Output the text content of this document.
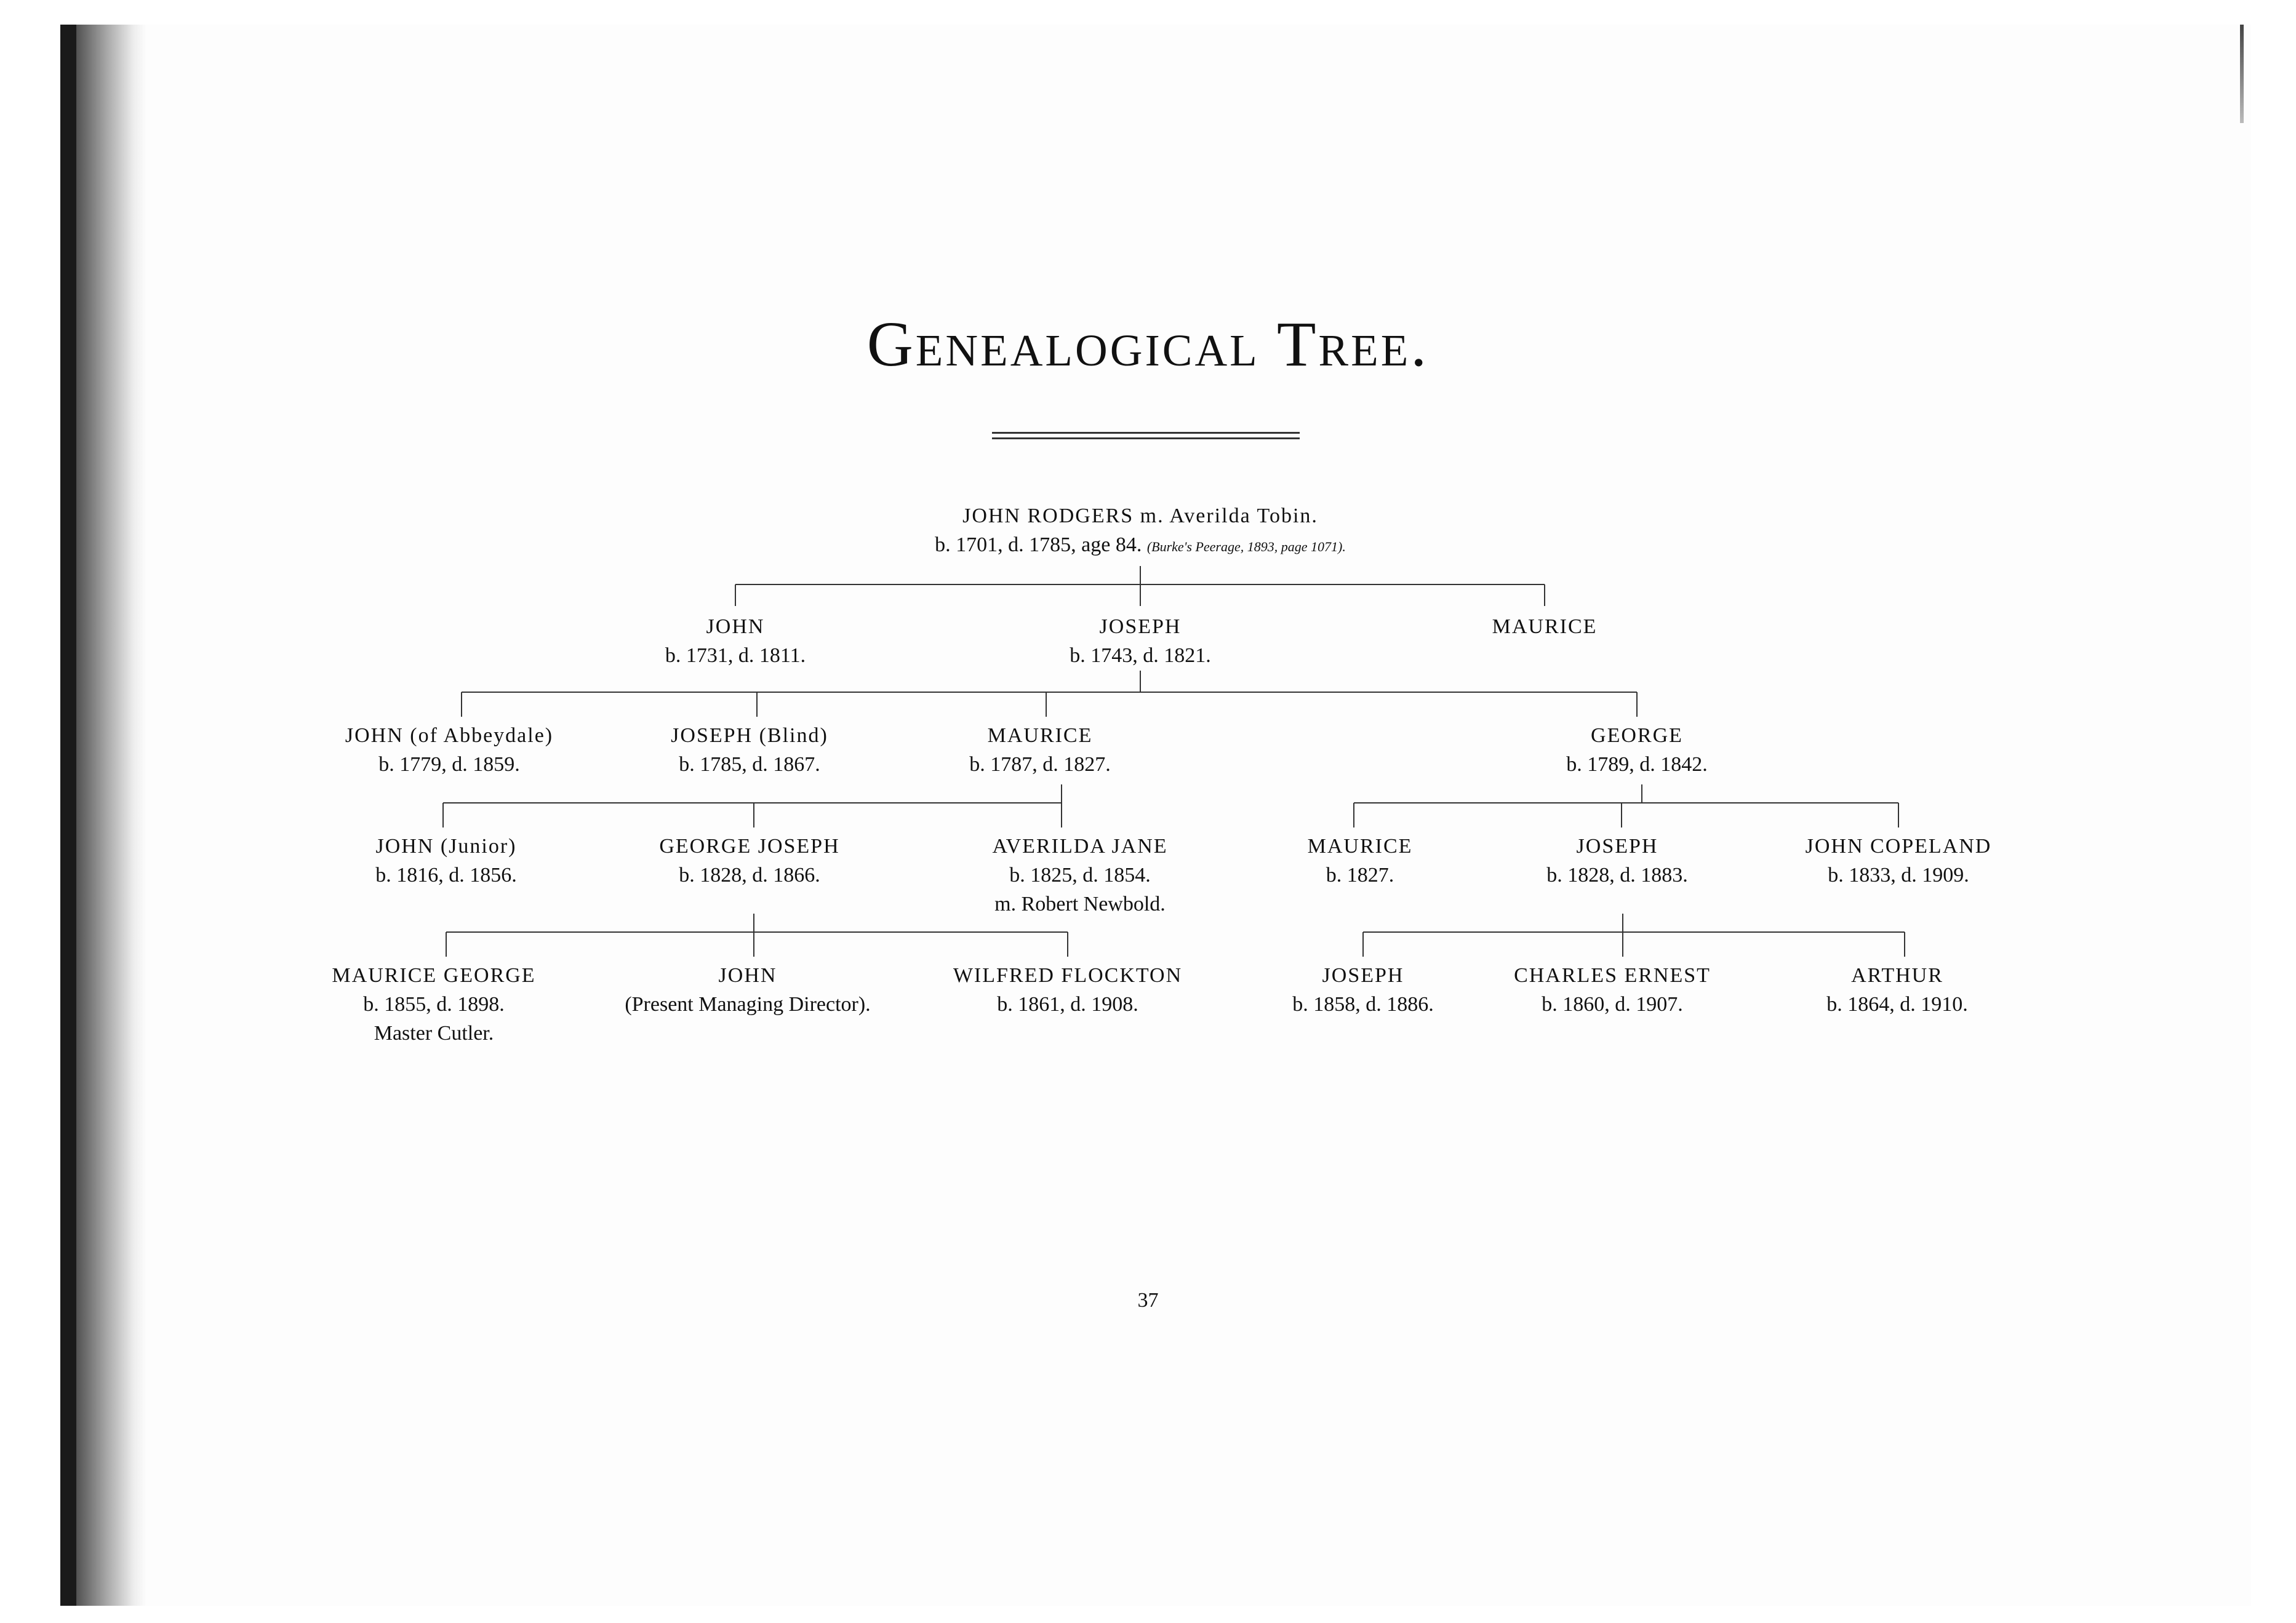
Genealogical Tree.
JOHN RODGERS m. Averilda Tobin.
b. 1701, d. 1785, age 84. (Burke's Peerage, 1893, page 1071).
JOHN
b. 1731, d. 1811.
JOSEPH
b. 1743, d. 1821.
MAURICE
JOHN (of Abbeydale)
b. 1779, d. 1859.
JOSEPH (Blind)
b. 1785, d. 1867.
MAURICE
b. 1787, d. 1827.
GEORGE
b. 1789, d. 1842.
JOHN (Junior)
b. 1816, d. 1856.
GEORGE JOSEPH
b. 1828, d. 1866.
AVERILDA JANE
b. 1825, d. 1854.
m. Robert Newbold.
MAURICE
b. 1827.
JOSEPH
b. 1828, d. 1883.
JOHN COPELAND
b. 1833, d. 1909.
MAURICE GEORGE
b. 1855, d. 1898.
Master Cutler.
JOHN
(Present Managing Director).
WILFRED FLOCKTON
b. 1861, d. 1908.
JOSEPH
b. 1858, d. 1886.
CHARLES ERNEST
b. 1860, d. 1907.
ARTHUR
b. 1864, d. 1910.
37
